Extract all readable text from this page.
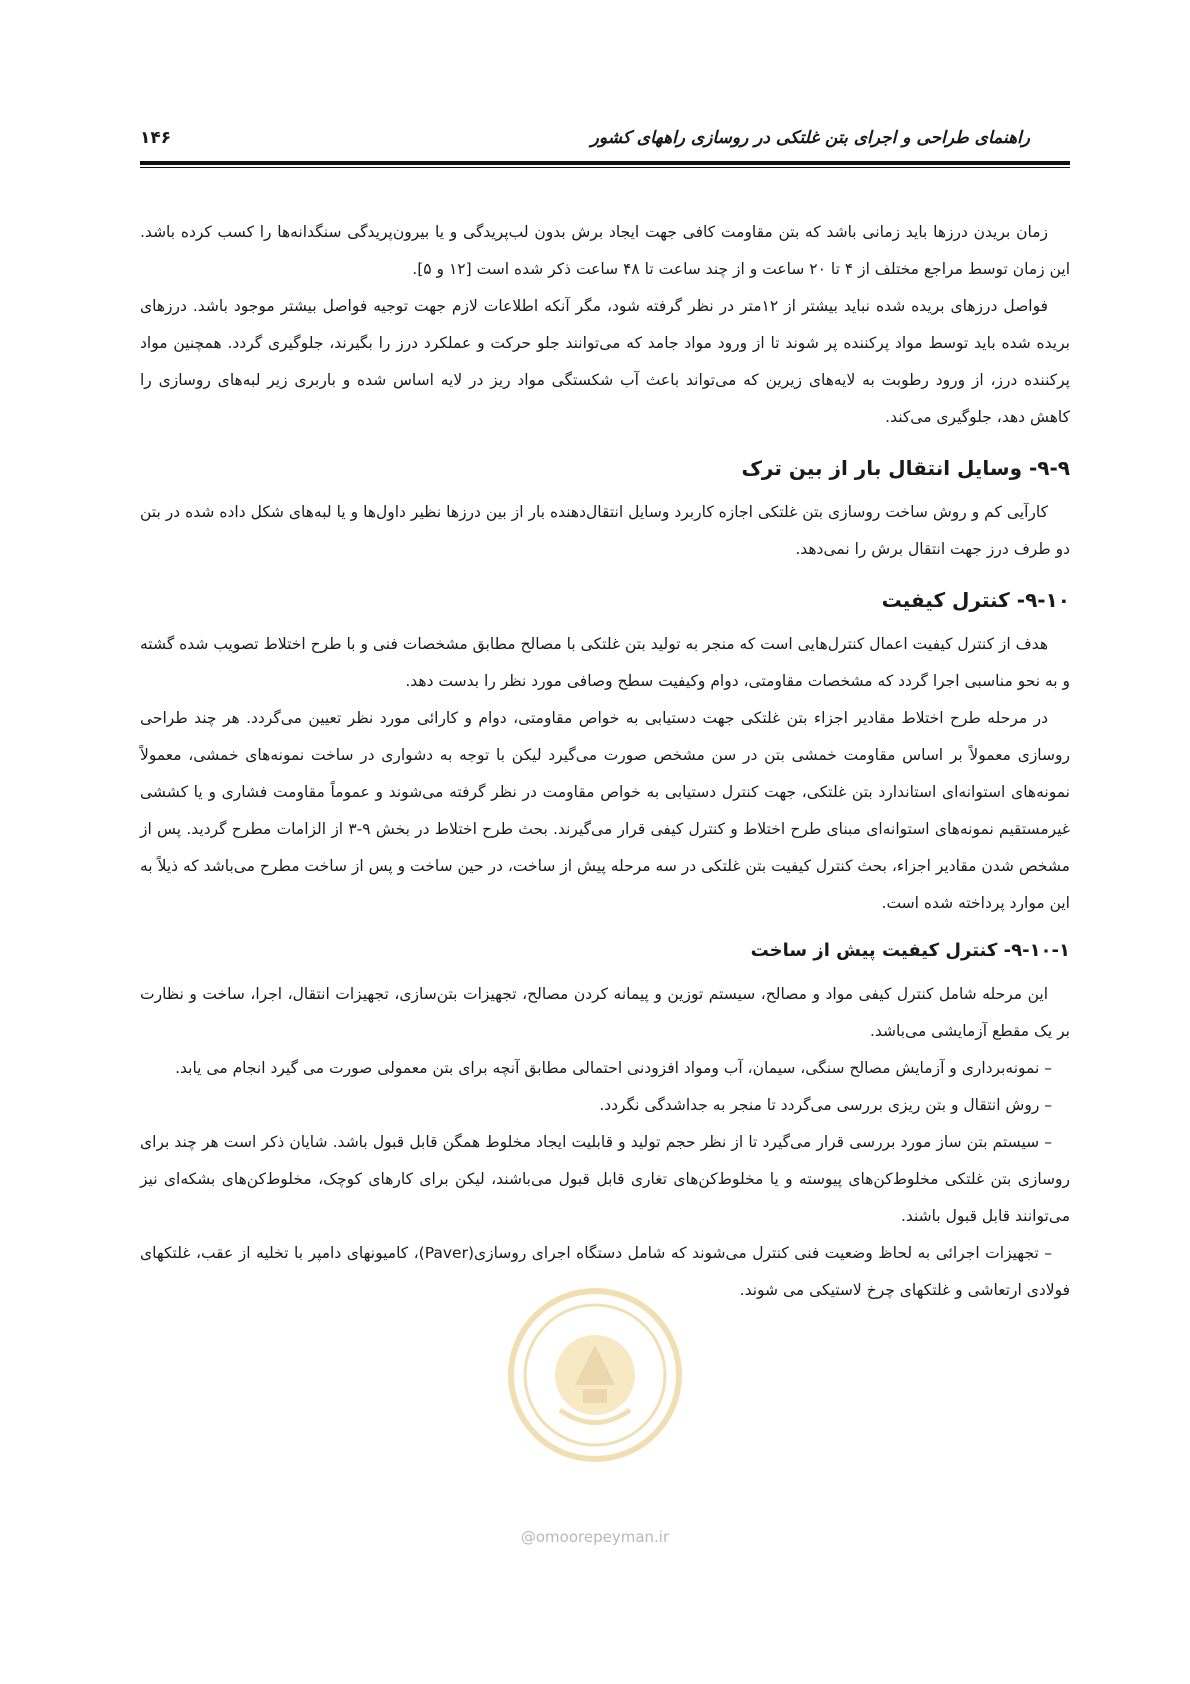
راهنمای طراحی و اجرای بتن غلتکی در روسازی راههای کشور
۱۴۶

زمان بریدن درزها باید زمانی باشد که بتن مقاومت کافی جهت ایجاد برش بدون لب‌پریدگی و یا بیرون‌پریدگی سنگدانه‌ها را کسب کرده باشد. این زمان توسط مراجع مختلف از ۴ تا ۲۰ ساعت و از چند ساعت تا ۴۸ ساعت ذکر شده است [۱۲ و ۵].

فواصل درزهای بریده شده نباید بیشتر از ۱۲متر در نظر گرفته شود، مگر آنکه اطلاعات لازم جهت توجیه فواصل بیشتر موجود باشد. درزهای بریده شده باید توسط مواد پرکننده پر شوند تا از ورود مواد جامد که می‌توانند جلو حرکت و عملکرد درز را بگیرند، جلوگیری گردد. همچنین مواد پرکننده درز، از ورود رطوبت به لایه‌های زیرین که می‌تواند باعث آب شکستگی مواد ریز در لایه اساس شده و باربری زیر لبه‌های روسازی را کاهش دهد، جلوگیری می‌کند.

۹-۹- وسایل انتقال بار از بین ترک

کارآیی کم و روش ساخت روسازی بتن غلتکی اجازه کاربرد وسایل انتقال‌دهنده بار از بین درزها نظیر داول‌ها و یا لبه‌های شکل داده شده در بتن دو طرف درز جهت انتقال برش را نمی‌دهد.

۹-۱۰- کنترل کیفیت

هدف از کنترل کیفیت اعمال کنترل‌هایی است که منجر به تولید بتن غلتکی با مصالح مطابق مشخصات فنی و با طرح اختلاط تصویب شده گشته و به نحو مناسبی اجرا گردد که مشخصات مقاومتی، دوام وکیفیت سطح وصافی مورد نظر را بدست دهد.

در مرحله طرح اختلاط مقادیر اجزاء بتن غلتکی جهت دستیابی به خواص مقاومتی، دوام و کارائی مورد نظر تعیین می‌گردد. هر چند طراحی روسازی معمولاً بر اساس مقاومت خمشی بتن در سن مشخص صورت می‌گیرد لیکن با توجه به دشواری در ساخت نمونه‌های خمشی، معمولاً نمونه‌های استوانه‌ای استاندارد بتن غلتکی، جهت کنترل دستیابی به خواص مقاومت در نظر گرفته می‌شوند و عموماً مقاومت فشاری و یا کششی غیرمستقیم نمونه‌های استوانه‌ای مبنای طرح اختلاط و کنترل کیفی قرار می‌گیرند. بحث طرح اختلاط در بخش ۹-۳ از الزامات مطرح گردید. پس از مشخص شدن مقادیر اجزاء، بحث کنترل کیفیت بتن غلتکی در سه مرحله پیش از ساخت، در حین ساخت و پس از ساخت مطرح می‌باشد که ذیلاً به این موارد پرداخته شده است.

۹-۱۰-۱- کنترل کیفیت پیش از ساخت

این مرحله شامل کنترل کیفی مواد و مصالح، سیستم توزین و پیمانه کردن مصالح، تجهیزات بتن‌سازی، تجهیزات انتقال، اجرا، ساخت و نظارت بر یک مقطع آزمایشی می‌باشد.

– نمونه‌برداری و آزمایش مصالح سنگی، سیمان، آب ومواد افزودنی احتمالی مطابق آنچه برای بتن معمولی صورت می گیرد انجام می یابد.

– روش انتقال و بتن ریزی بررسی می‌گردد تا منجر به جداشدگی نگردد.

– سیستم بتن ساز مورد بررسی قرار می‌گیرد تا از نظر حجم تولید و قابلیت ایجاد مخلوط همگن قابل قبول باشد. شایان ذکر است هر چند برای روسازی بتن غلتکی مخلوط‌کن‌های پیوسته و یا مخلوط‌کن‌های تغاری قابل قبول می‌باشند، لیکن برای کارهای کوچک، مخلوط‌کن‌های بشکه‌ای نیز می‌توانند قابل قبول باشند.

– تجهیزات اجرائی به لحاظ وضعیت فنی کنترل می‌شوند که شامل دستگاه اجرای روسازی(Paver)، کامیونهای دامپر با تخلیه از عقب، غلتکهای فولادی ارتعاشی و غلتکهای چرخ لاستیکی می شوند.

@omoorepeyman.ir
